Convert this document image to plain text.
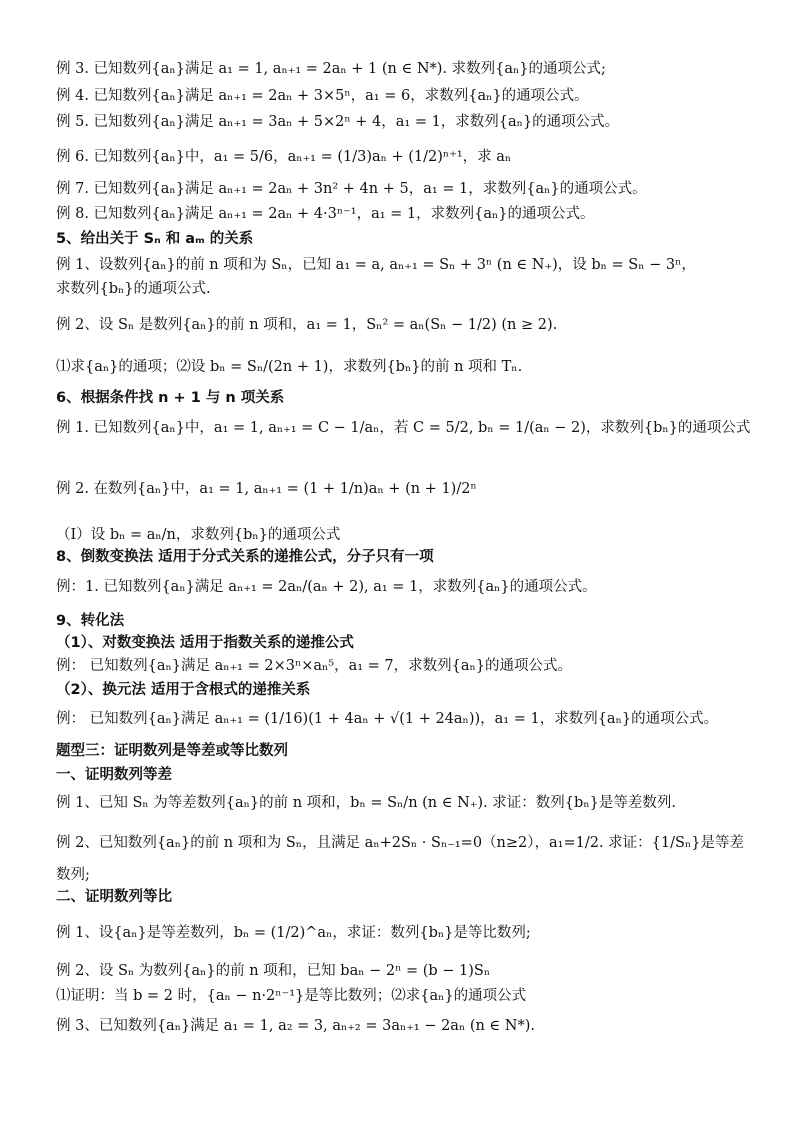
例 3. 已知数列{aₙ}满足 a₁ = 1, aₙ₊₁ = 2aₙ + 1 (n ∈ N*). 求数列{aₙ}的通项公式;
例 4. 已知数列{aₙ}满足 aₙ₊₁ = 2aₙ + 3×5ⁿ，a₁ = 6，求数列{aₙ}的通项公式。
例 5. 已知数列{aₙ}满足 aₙ₊₁ = 3aₙ + 5×2ⁿ + 4，a₁ = 1，求数列{aₙ}的通项公式。
例 6. 已知数列{aₙ}中，a₁ = 5/6，aₙ₊₁ = (1/3)aₙ + (1/2)ⁿ⁺¹，求 aₙ
例 7. 已知数列{aₙ}满足 aₙ₊₁ = 2aₙ + 3n² + 4n + 5，a₁ = 1，求数列{aₙ}的通项公式。
例 8. 已知数列{aₙ}满足 aₙ₊₁ = 2aₙ + 4·3ⁿ⁻¹，a₁ = 1，求数列{aₙ}的通项公式。
5、给出关于 Sₙ 和 aₘ 的关系
例 1、设数列{aₙ}的前 n 项和为 Sₙ，已知 a₁ = a, aₙ₊₁ = Sₙ + 3ⁿ (n ∈ N₊)，设 bₙ = Sₙ − 3ⁿ，
求数列{bₙ}的通项公式.
例 2、设 Sₙ 是数列{aₙ}的前 n 项和，a₁ = 1，Sₙ² = aₙ(Sₙ − 1/2) (n ≥ 2).
⑴求{aₙ}的通项；⑵设 bₙ = Sₙ/(2n + 1)，求数列{bₙ}的前 n 项和 Tₙ.
6、根据条件找 n + 1 与 n 项关系
例 1. 已知数列{aₙ}中，a₁ = 1, aₙ₊₁ = C − 1/aₙ，若 C = 5/2, bₙ = 1/(aₙ − 2)，求数列{bₙ}的通项公式
例 2. 在数列{aₙ}中，a₁ = 1, aₙ₊₁ = (1 + 1/n)aₙ + (n + 1)/2ⁿ
（I）设 bₙ = aₙ/n，求数列{bₙ}的通项公式
8、倒数变换法 适用于分式关系的递推公式，分子只有一项
例：1. 已知数列{aₙ}满足 aₙ₊₁ = 2aₙ/(aₙ + 2), a₁ = 1，求数列{aₙ}的通项公式。
9、转化法
（1）、对数变换法 适用于指数关系的递推公式
例： 已知数列{aₙ}满足 aₙ₊₁ = 2×3ⁿ×aₙ⁵，a₁ = 7，求数列{aₙ}的通项公式。
（2）、换元法 适用于含根式的递推关系
例： 已知数列{aₙ}满足 aₙ₊₁ = (1/16)(1 + 4aₙ + √(1 + 24aₙ))，a₁ = 1，求数列{aₙ}的通项公式。
题型三：证明数列是等差或等比数列
一、证明数列等差
例 1、已知 Sₙ 为等差数列{aₙ}的前 n 项和，bₙ = Sₙ/n (n ∈ N₊). 求证：数列{bₙ}是等差数列.
例 2、已知数列{aₙ}的前 n 项和为 Sₙ，且满足 aₙ+2Sₙ · Sₙ₋₁=0（n≥2），a₁=1/2. 求证：{1/Sₙ}是等差
数列;
二、证明数列等比
例 1、设{aₙ}是等差数列，bₙ = (1/2)^aₙ，求证：数列{bₙ}是等比数列;
例 2、设 Sₙ 为数列{aₙ}的前 n 项和，已知 baₙ − 2ⁿ = (b − 1)Sₙ
⑴证明：当 b = 2 时，{aₙ − n·2ⁿ⁻¹}是等比数列；⑵求{aₙ}的通项公式
例 3、已知数列{aₙ}满足 a₁ = 1, a₂ = 3, aₙ₊₂ = 3aₙ₊₁ − 2aₙ (n ∈ N*).
